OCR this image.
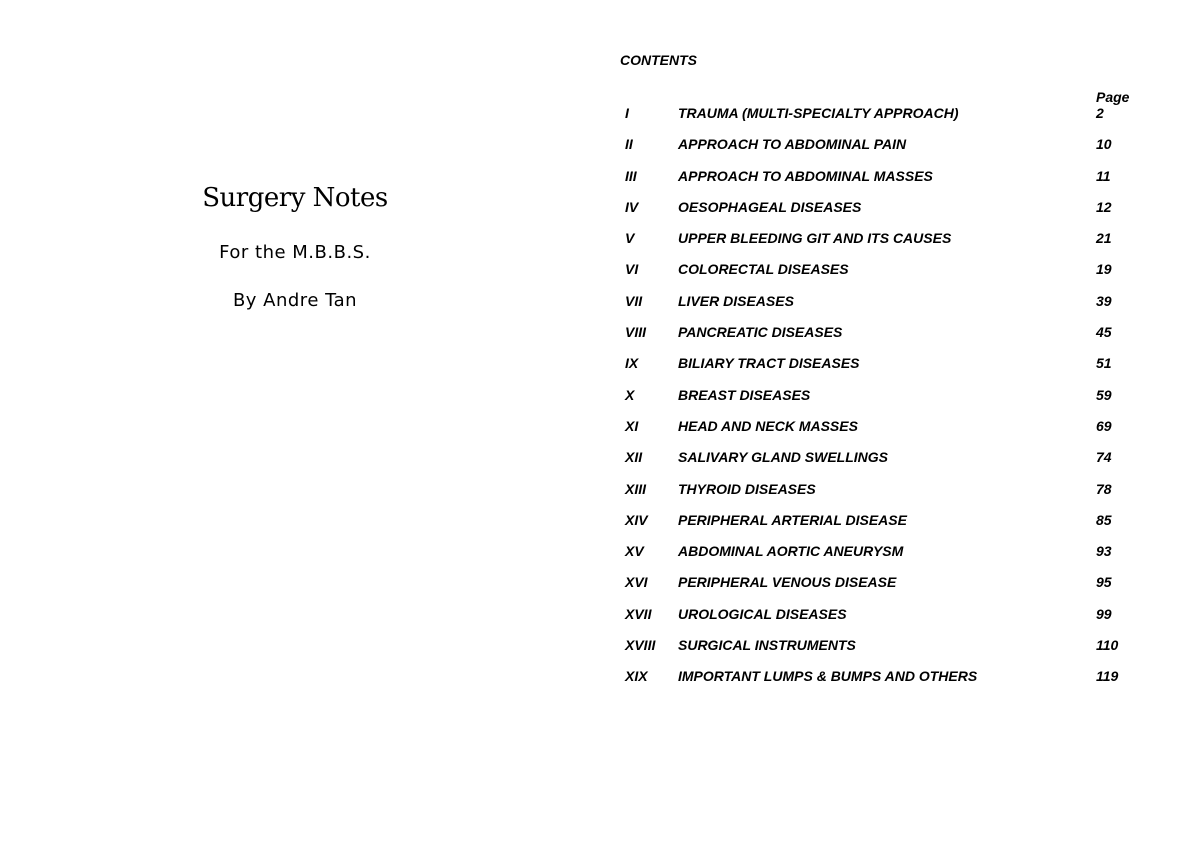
Surgery Notes
For the M.B.B.S.
By Andre Tan
CONTENTS
Page
I	TRAUMA (MULTI-SPECIALTY APPROACH)	2
II	APPROACH TO ABDOMINAL PAIN	10
III	APPROACH TO ABDOMINAL MASSES	11
IV	OESOPHAGEAL DISEASES	12
V	UPPER BLEEDING GIT AND ITS CAUSES	21
VI	COLORECTAL DISEASES	19
VII	LIVER DISEASES	39
VIII PANCREATIC DISEASES	45
IX	BILIARY TRACT DISEASES	51
X	BREAST DISEASES	59
XI	HEAD AND NECK MASSES	69
XII	SALIVARY GLAND SWELLINGS	74
XIII THYROID DISEASES	78
XIV PERIPHERAL ARTERIAL DISEASE	85
XV ABDOMINAL AORTIC ANEURYSM	93
XVI PERIPHERAL VENOUS DISEASE	95
XVII UROLOGICAL DISEASES	99
XVIII SURGICAL INSTRUMENTS	110
XIX IMPORTANT LUMPS & BUMPS AND OTHERS	119
